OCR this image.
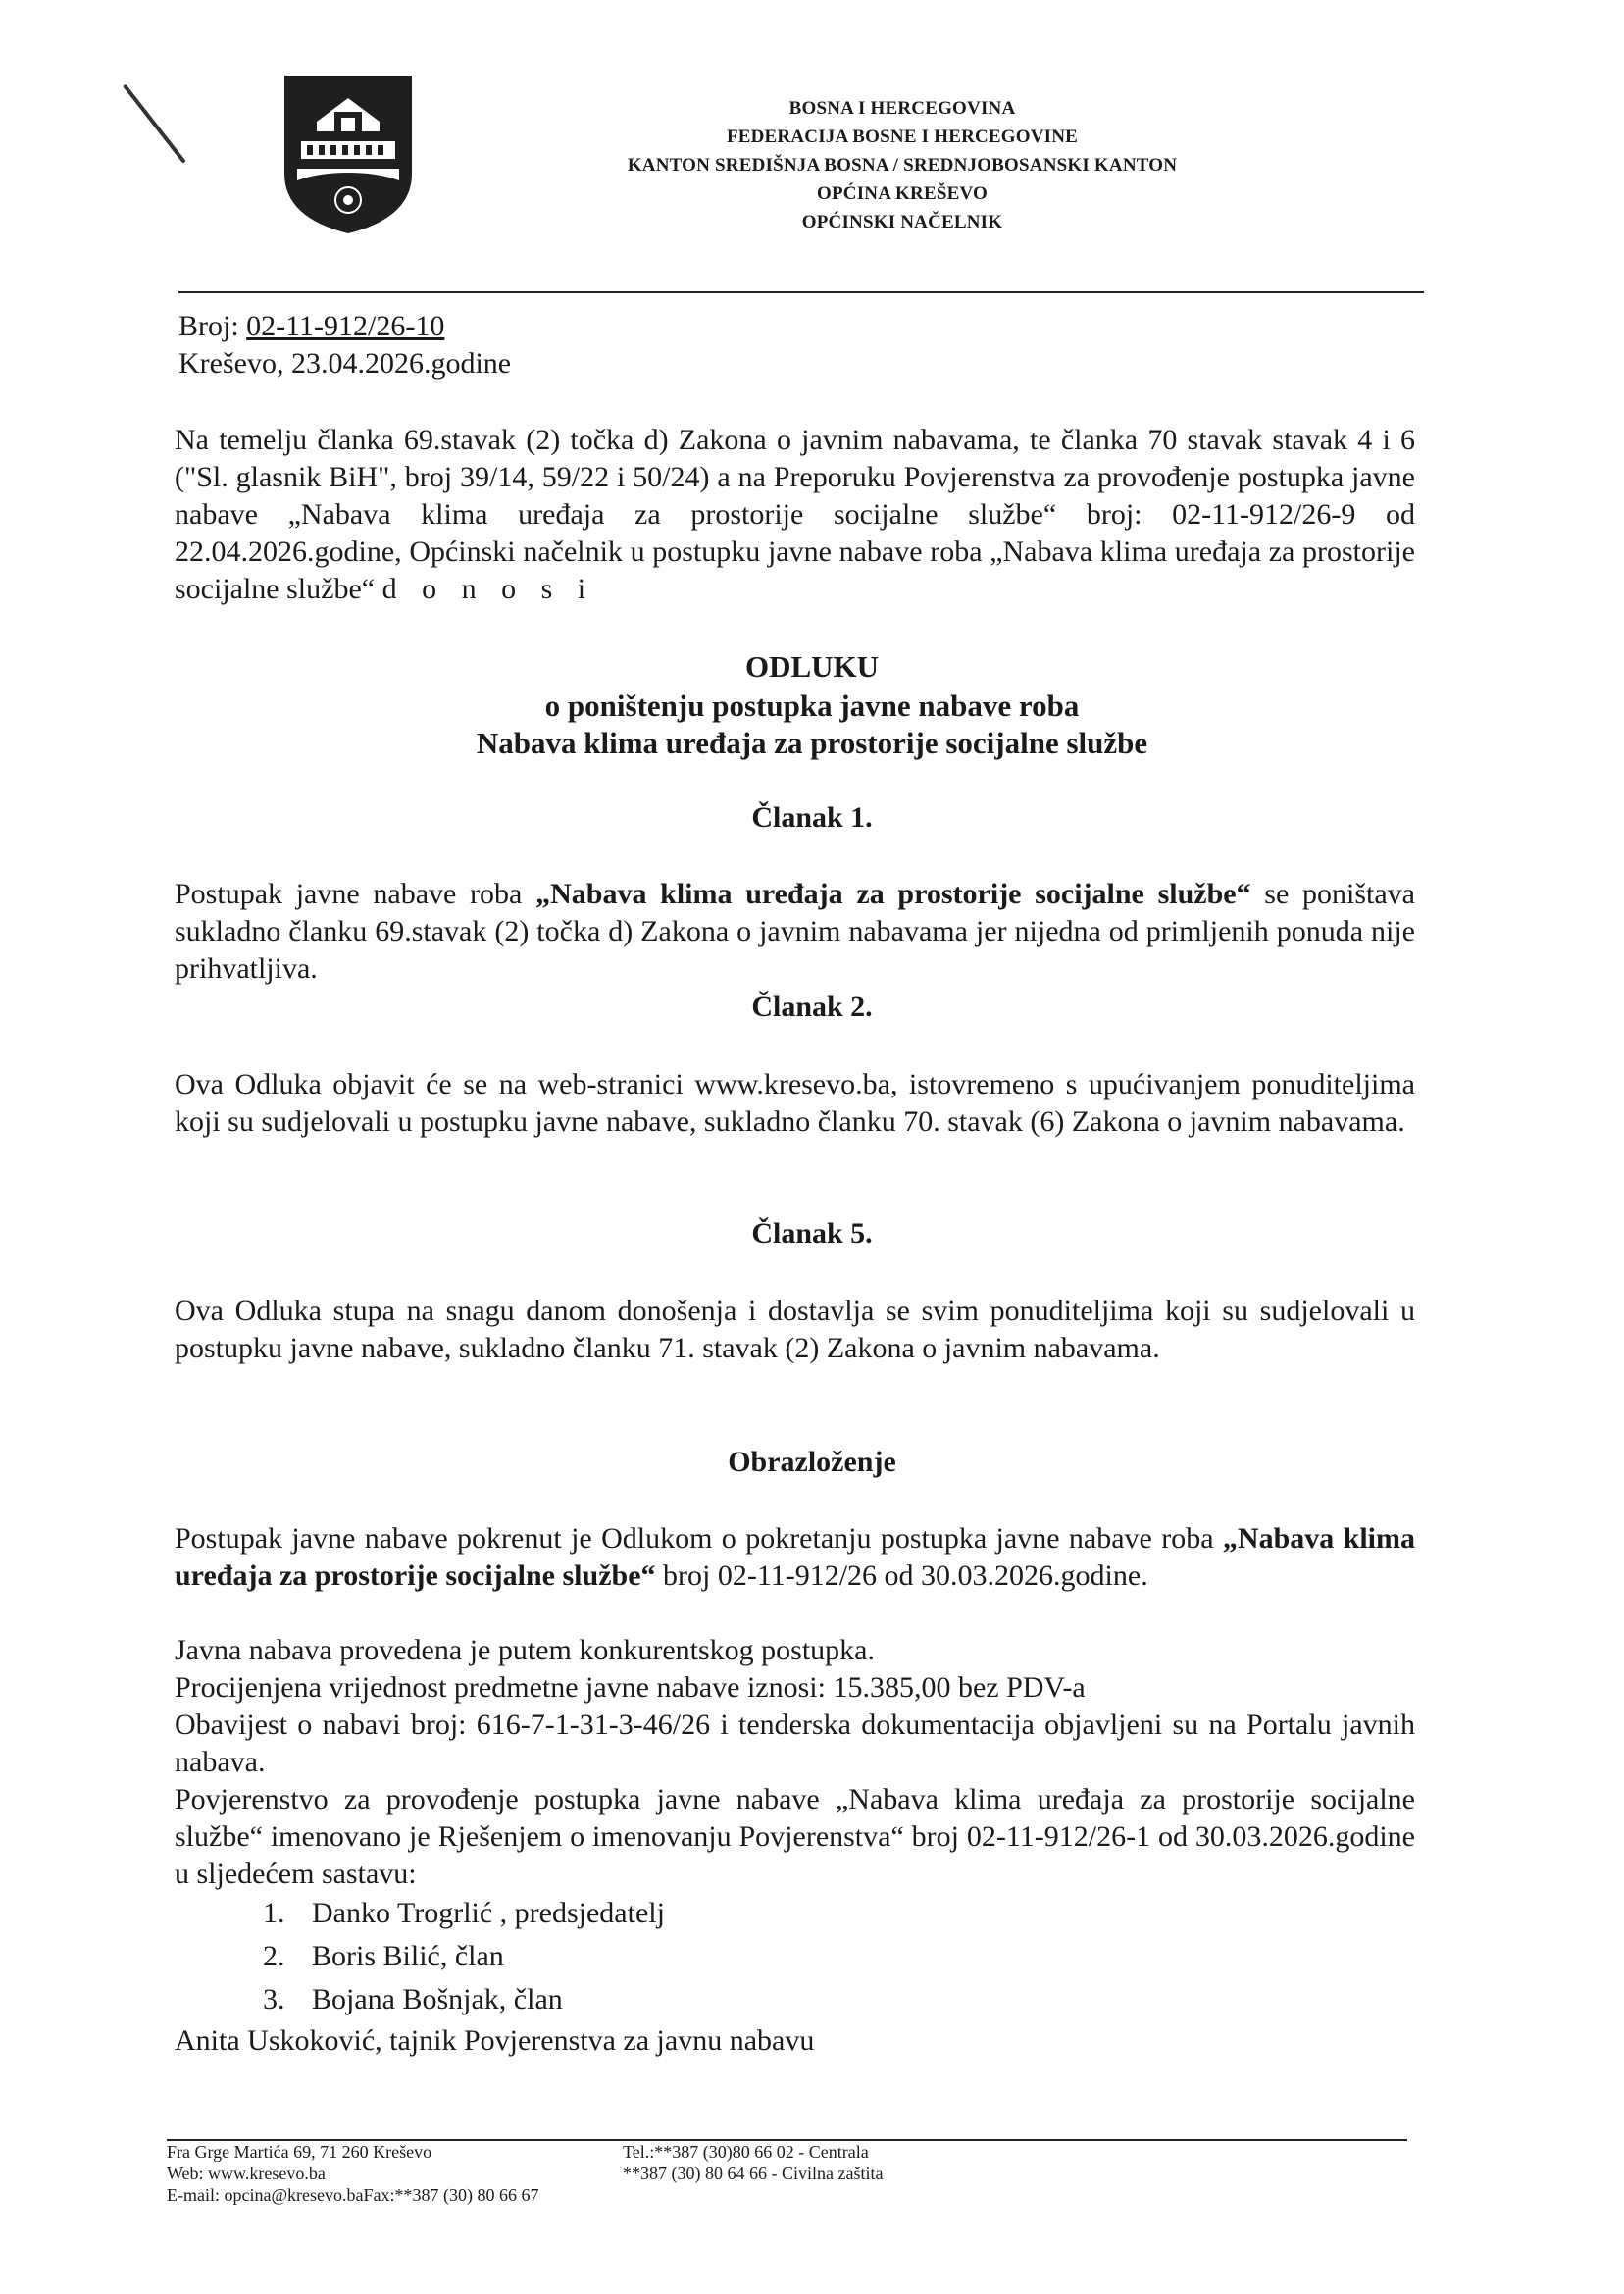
BOSNA I HERCEGOVINA
FEDERACIJA BOSNE I HERCEGOVINE
KANTON SREDIŠNJA BOSNA / SREDNJOBOSANSKI KANTON
OPĆINA KREŠEVO
OPĆINSKI NAČELNIK
Broj: 02-11-912/26-10
Kreševo, 23.04.2026.godine
Na temelju članka 69.stavak (2) točka d) Zakona o javnim nabavama, te članka 70 stavak stavak 4 i 6 ("Sl. glasnik BiH", broj 39/14, 59/22 i 50/24) a na Preporuku Povjerenstva za provođenje postupka javne nabave „Nabava klima uređaja za prostorije socijalne službe“ broj: 02-11-912/26-9 od 22.04.2026.godine, Općinski načelnik u postupku javne nabave roba „Nabava klima uređaja za prostorije socijalne službe“ d o n o s i
ODLUKU
o poništenju postupka javne nabave roba
Nabava klima uređaja za prostorije socijalne službe
Članak 1.
Postupak javne nabave roba „Nabava klima uređaja za prostorije socijalne službe“ se poništava sukladno članku 69.stavak (2) točka d) Zakona o javnim nabavama jer nijedna od primljenih ponuda nije prihvatljiva.
Članak 2.
Ova Odluka objavit će se na web-stranici www.kresevo.ba, istovremeno s upućivanjem ponuditeljima koji su sudjelovali u postupku javne nabave, sukladno članku 70. stavak (6) Zakona o javnim nabavama.
Članak 5.
Ova Odluka stupa na snagu danom donošenja i dostavlja se svim ponuditeljima koji su sudjelovali u postupku javne nabave, sukladno članku 71. stavak (2) Zakona o javnim nabavama.
Obrazloženje
Postupak javne nabave pokrenut je Odlukom o pokretanju postupka javne nabave roba „Nabava klima uređaja za prostorije socijalne službe“ broj 02-11-912/26 od 30.03.2026.godine.
Javna nabava provedena je putem konkurentskog postupka.
Procijenjena vrijednost predmetne javne nabave iznosi: 15.385,00 bez PDV-a
Obavijest o nabavi broj: 616-7-1-31-3-46/26 i tenderska dokumentacija objavljeni su na Portalu javnih nabava.
Povjerenstvo za provođenje postupka javne nabave „Nabava klima uređaja za prostorije socijalne službe“ imenovano je Rješenjem o imenovanju Povjerenstva“ broj 02-11-912/26-1 od 30.03.2026.godine u sljedećem sastavu:
1. Danko Trogrlić , predsjedatelj
2. Boris Bilić, član
3. Bojana Bošnjak, član
Anita Uskoković, tajnik Povjerenstva za javnu nabavu
Fra Grge Martića 69, 71 260 Kreševo
Web: www.kresevo.ba
E-mail: opcina@kresevo.baFax:**387 (30) 80 66 67
Tel.:**387 (30)80 66 02 - Centrala
**387 (30) 80 64 66 - Civilna zaštita
